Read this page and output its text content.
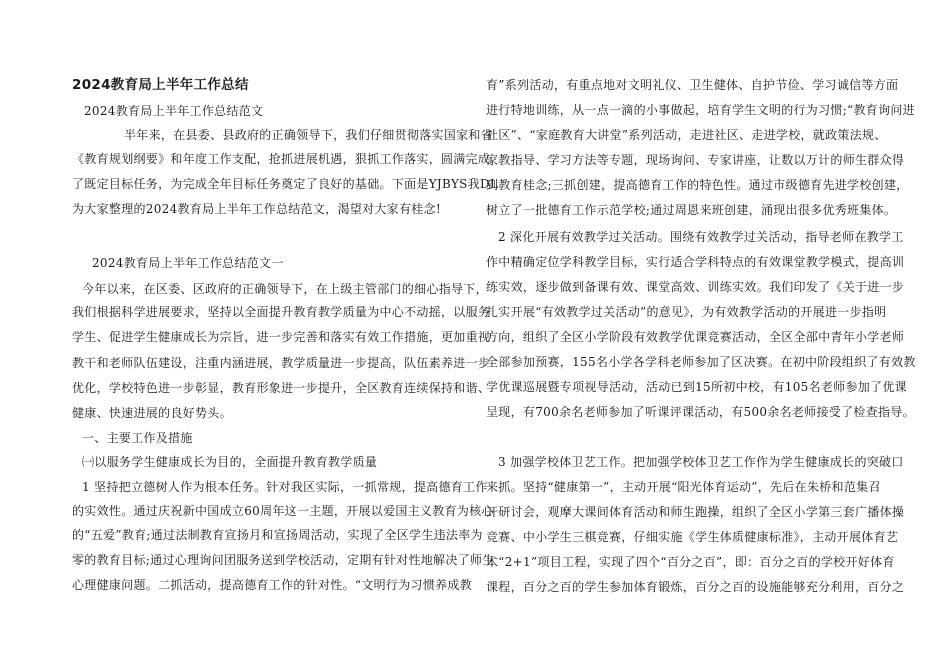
2024教育局上半年工作总结
2024教育局上半年工作总结范文
半年来，在县委、县政府的正确领导下，我们仔细贯彻落实国家和省
《教育规划纲要》和年度工作支配，抢抓进展机遇，狠抓工作落实，圆满完成
了既定目标任务，为完成全年目标任务奠定了良好的基础。下面是YJBYS我DL
为大家整理的2024教育局上半年工作总结范文，渴望对大家有桂念!
2024教育局上半年工作总结范文一
今年以来，在区委、区政府的正确领导下，在上级主管部门的细心指导下，
我们根据科学进展要求，坚持以全面提升教育教学质量为中心不动摇，以服务
学生、促进学生健康成长为宗旨，进一步完善和落实有效工作措施，更加重视
教干和老师队伍建设，注重内涵进展，教学质量进一步提高，队伍素养进一步
优化，学校特色进一步彰显，教育形象进一步提升，全区教育连续保持和谐、
健康、快速进展的良好势头。
一、主要工作及措施
㈠以服务学生健康成长为目的，全面提升教育教学质量
1 坚持把立德树人作为根本任务。针对我区实际，一抓常规，提高德育工作
的实效性。通过庆祝新中国成立60周年这一主题，开展以爱国主义教育为核心
的“五爱”教育;通过法制教育宣扬月和宣扬周活动，实现了全区学生违法率为
零的教育目标;通过心理询问团服务送到学校活动，定期有针对性地解决了师生
心理健康问题。二抓活动，提高德育工作的针对性。“文明行为习惯养成教
育”系列活动，有重点地对文明礼仪、卫生健体、自护节俭、学习诚信等方面
进行特地训练，从一点一滴的小事做起，培育学生文明的行为习惯;“教育询问进
社区”、“家庭教育大讲堂”系列活动，走进社区、走进学校，就政策法规、
家教指导、学习方法等专题，现场询问、专家讲座，让数以万计的师生群众得
到教育桂念;三抓创建，提高德育工作的特色性。通过市级德育先进学校创建，
树立了一批德育工作示范学校;通过周恩来班创建，涌现出很多优秀班集体。
2 深化开展有效教学过关活动。围绕有效教学过关活动，指导老师在教学工
作中精确定位学科教学目标，实行适合学科特点的有效课堂教学模式，提高训
练实效，逐步做到备课有效、课堂高效、训练实效。我们印发了《关于进一步
扎实开展“有效教学过关活动”的意见》，为有效教学活动的开展进一步指明
方向，组织了全区小学阶段有效教学优课竞赛活动，全区全部中青年小学老师
全部参加预赛，155名小学各学科老师参加了区决赛。在初中阶段组织了有效教
学优课巡展暨专项视导活动，活动已到15所初中校，有105名老师参加了优课
呈现，有700余名老师参加了听课评课活动，有500余名老师接受了检查指导。
3 加强学校体卫艺工作。把加强学校体卫艺工作作为学生健康成长的突破口
来抓。坚持“健康第一”，主动开展“阳光体育运动”，先后在朱桥和范集召
开研讨会，观摩大课间体育活动和师生跑操，组织了全区小学第三套广播体操
竞赛、中小学生三棋竞赛，仔细实施《学生体质健康标准》，主动开展体育艺
术“2+1”项目工程，实现了四个“百分之百”，即：百分之百的学校开好体育
课程，百分之百的学生参加体育锻炼，百分之百的设施能够充分利用，百分之
